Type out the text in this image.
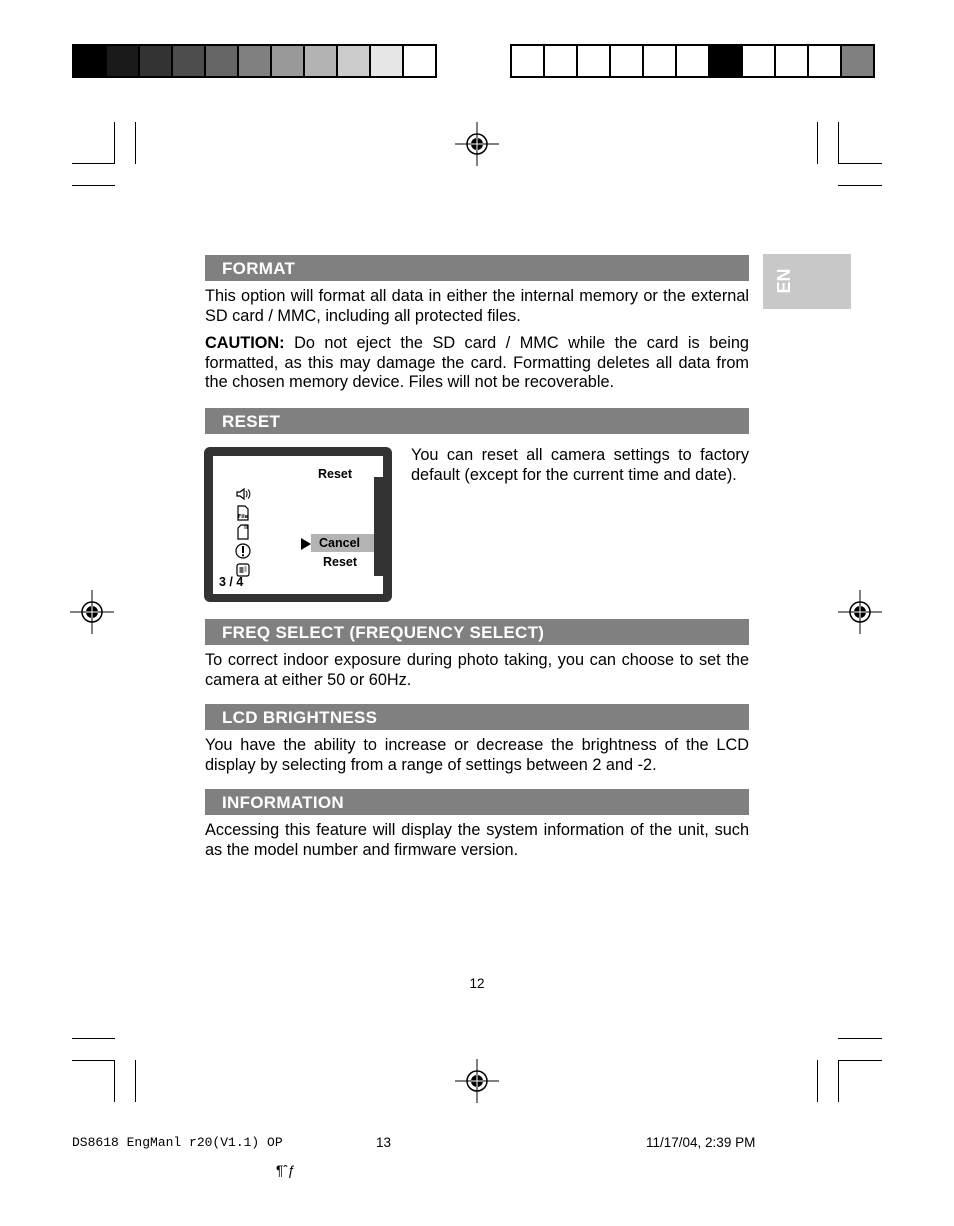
EN
FORMAT

This option will format all data in either the internal memory or the external SD card / MMC, including all protected files.

CAUTION: Do not eject the SD card / MMC while the card is being formatted, as this may damage the card. Formatting deletes all data from the chosen memory device. Files will not be recoverable.

RESET

You can reset all camera settings to factory default (except for the current time and date).

Reset
File
Cancel
Reset
3 / 4
FREQ SELECT (FREQUENCY SELECT)

To correct indoor exposure during photo taking, you can choose to set the camera at either 50 or 60Hz.

LCD BRIGHTNESS

You have the ability to increase or decrease the brightness of the LCD display by selecting from a range of settings between 2 and -2.

INFORMATION

Accessing this feature will display the system information of the unit, such as the model number and firmware version.

12
DS8618 EngManl r20(V1.1) OP	13	11/17/04, 2:39 PM
¶ˆƒ
